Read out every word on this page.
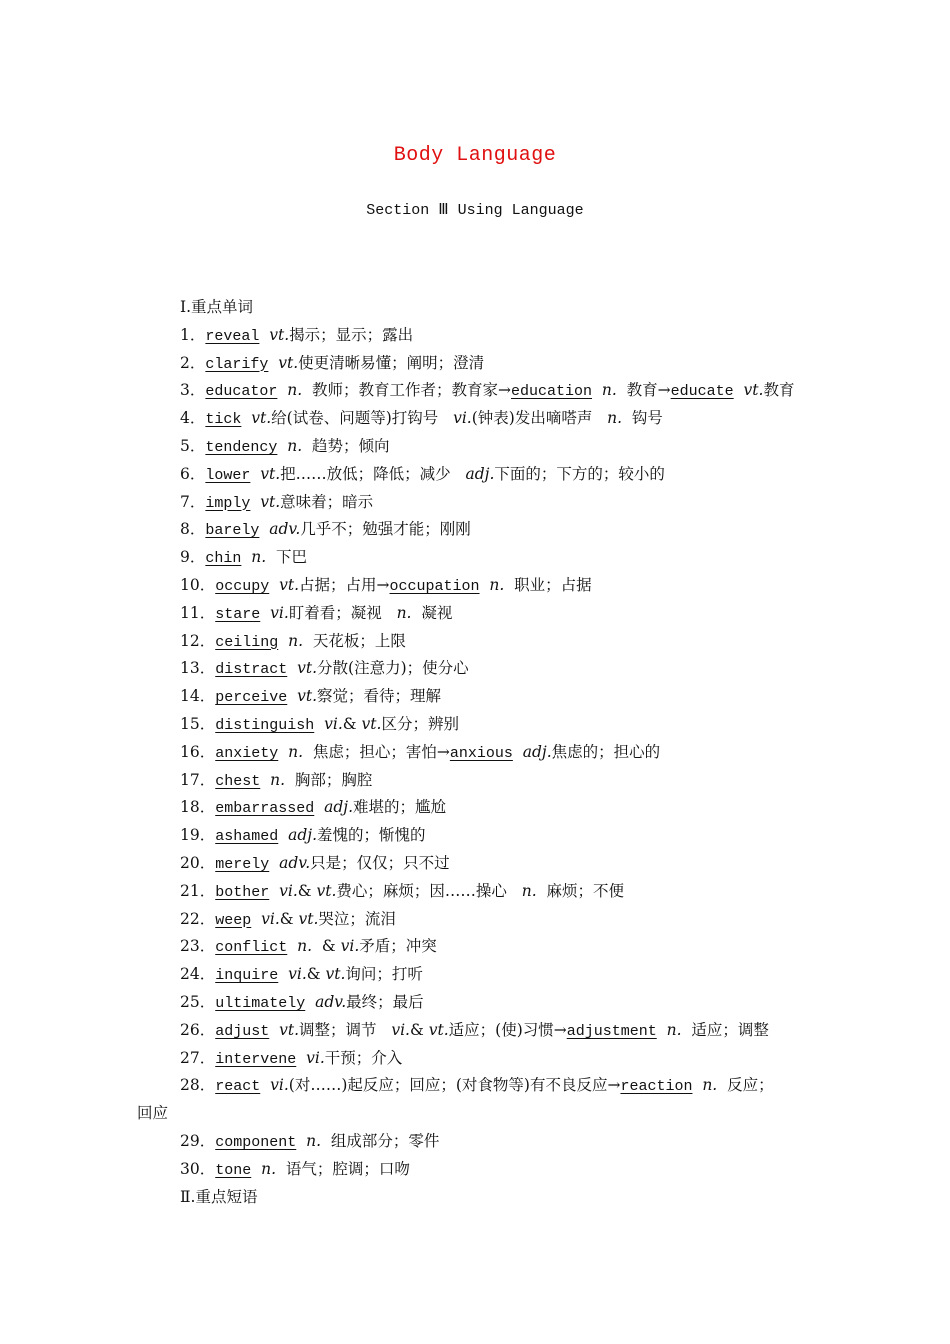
Body Language
Section Ⅲ Using Language
Ⅰ.重点单词
1．reveal vt.揭示；显示；露出
2．clarify vt.使更清晰易懂；阐明；澄清
3．educator n.  教师；教育工作者；教育家→education n.  教育→educate vt.教育
4．tick vt.给(试卷、问题等)打钩号   vi.(钟表)发出嘀嗒声   n.  钩号
5．tendency n.  趋势；倾向
6．lower vt.把……放低；降低；减少   adj.下面的；下方的；较小的
7．imply vt.意味着；暗示
8．barely adv.几乎不；勉强才能；刚刚
9．chin n.  下巴
10．occupy vt.占据；占用→occupation n.  职业；占据
11．stare vi.盯着看；凝视   n.  凝视
12．ceiling n.  天花板；上限
13．distract vt.分散(注意力)；使分心
14．perceive vt.察觉；看待；理解
15．distinguish vi.& vt.区分；辨别
16．anxiety n.  焦虑；担心；害怕→anxious adj.焦虑的；担心的
17．chest n.  胸部；胸腔
18．embarrassed adj.难堪的；尴尬
19．ashamed adj.羞愧的；惭愧的
20．merely adv.只是；仅仅；只不过
21．bother vi.& vt.费心；麻烦；因……操心   n.  麻烦；不便
22．weep vi.& vt.哭泣；流泪
23．conflict n.  & vi.矛盾；冲突
24．inquire vi.& vt.询问；打听
25．ultimately adv.最终；最后
26．adjust vt.调整；调节   vi.& vt.适应；(使)习惯→adjustment n.  适应；调整
27．intervene vi.干预；介入
28．react vi.(对……)起反应；回应；(对食物等)有不良反应→reaction n.  反应；
回应
29．component n.  组成部分；零件
30．tone n.  语气；腔调；口吻
Ⅱ.重点短语
